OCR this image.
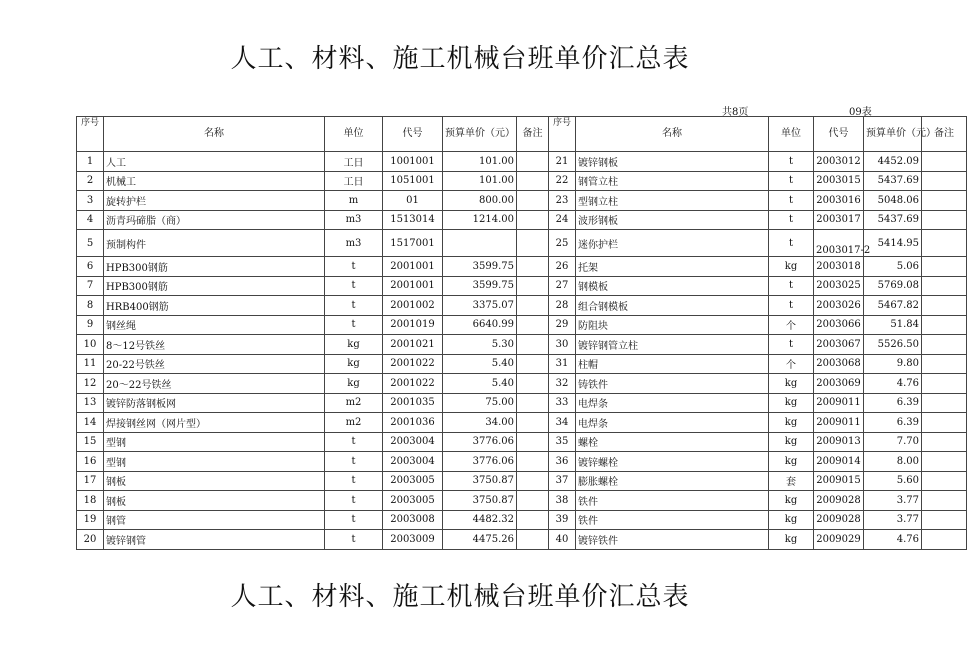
人工、材料、施工机械台班单价汇总表
共8页	09表
序号	名称	单位	代号	预算单价（元）	备注	序号	名称	单位	代号	预算单价（元）	备注
1	人工	工日	1001001	101.00		21	镀锌钢板	t	2003012	4452.09	
2	机械工	工日	1051001	101.00		22	钢管立柱	t	2003015	5437.69	
3	旋转护栏	m	01	800.00		23	型钢立柱	t	2003016	5048.06	
4	沥青玛碲脂（商）	m3	1513014	1214.00		24	波形钢板	t	2003017	5437.69	
5	预制构件	m3	1517001			25	迷你护栏	t	2003017-2	5414.95	
6	HPB300钢筋	t	2001001	3599.75		26	托架	kg	2003018	5.06	
7	HPB300钢筋	t	2001001	3599.75		27	钢模板	t	2003025	5769.08	
8	HRB400钢筋	t	2001002	3375.07		28	组合钢模板	t	2003026	5467.82	
9	钢丝绳	t	2001019	6640.99		29	防阻块	个	2003066	51.84	
10	8～12号铁丝	kg	2001021	5.30		30	镀锌钢管立柱	t	2003067	5526.50	
11	20-22号铁丝	kg	2001022	5.40		31	柱帽	个	2003068	9.80	
12	20～22号铁丝	kg	2001022	5.40		32	铸铁件	kg	2003069	4.76	
13	镀锌防落钢板网	m2	2001035	75.00		33	电焊条	kg	2009011	6.39	
14	焊接钢丝网（网片型）	m2	2001036	34.00		34	电焊条	kg	2009011	6.39	
15	型钢	t	2003004	3776.06		35	螺栓	kg	2009013	7.70	
16	型钢	t	2003004	3776.06		36	镀锌螺栓	kg	2009014	8.00	
17	钢板	t	2003005	3750.87		37	膨胀螺栓	套	2009015	5.60	
18	钢板	t	2003005	3750.87		38	铁件	kg	2009028	3.77	
19	钢管	t	2003008	4482.32		39	铁件	kg	2009028	3.77	
20	镀锌钢管	t	2003009	4475.26		40	镀锌铁件	kg	2009029	4.76	
人工、材料、施工机械台班单价汇总表
